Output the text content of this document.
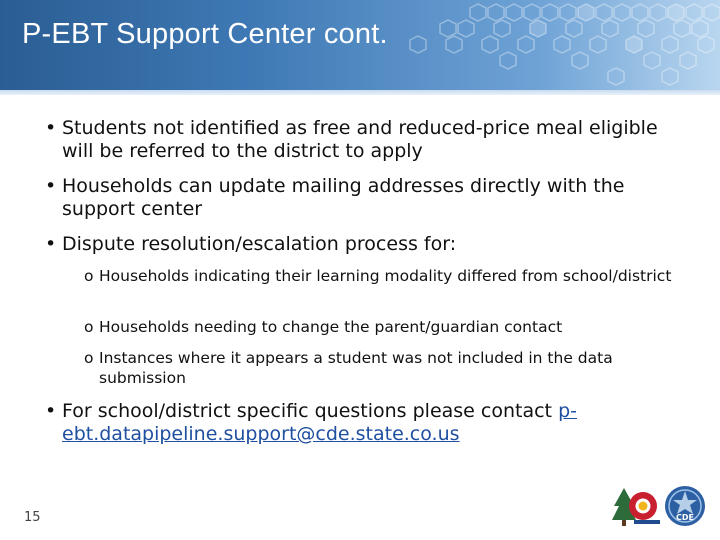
P-EBT Support Center cont.
• Students not identified as free and reduced-price meal eligible will be referred to the district to apply
• Households can update mailing addresses directly with the support center
• Dispute resolution/escalation process for:
o Households indicating their learning modality differed from school/district
o Households needing to change the parent/guardian contact
o Instances where it appears a student was not included in the data submission
• For school/district specific questions please contact p-ebt.datapipeline.support@cde.state.co.us
15	CDE
